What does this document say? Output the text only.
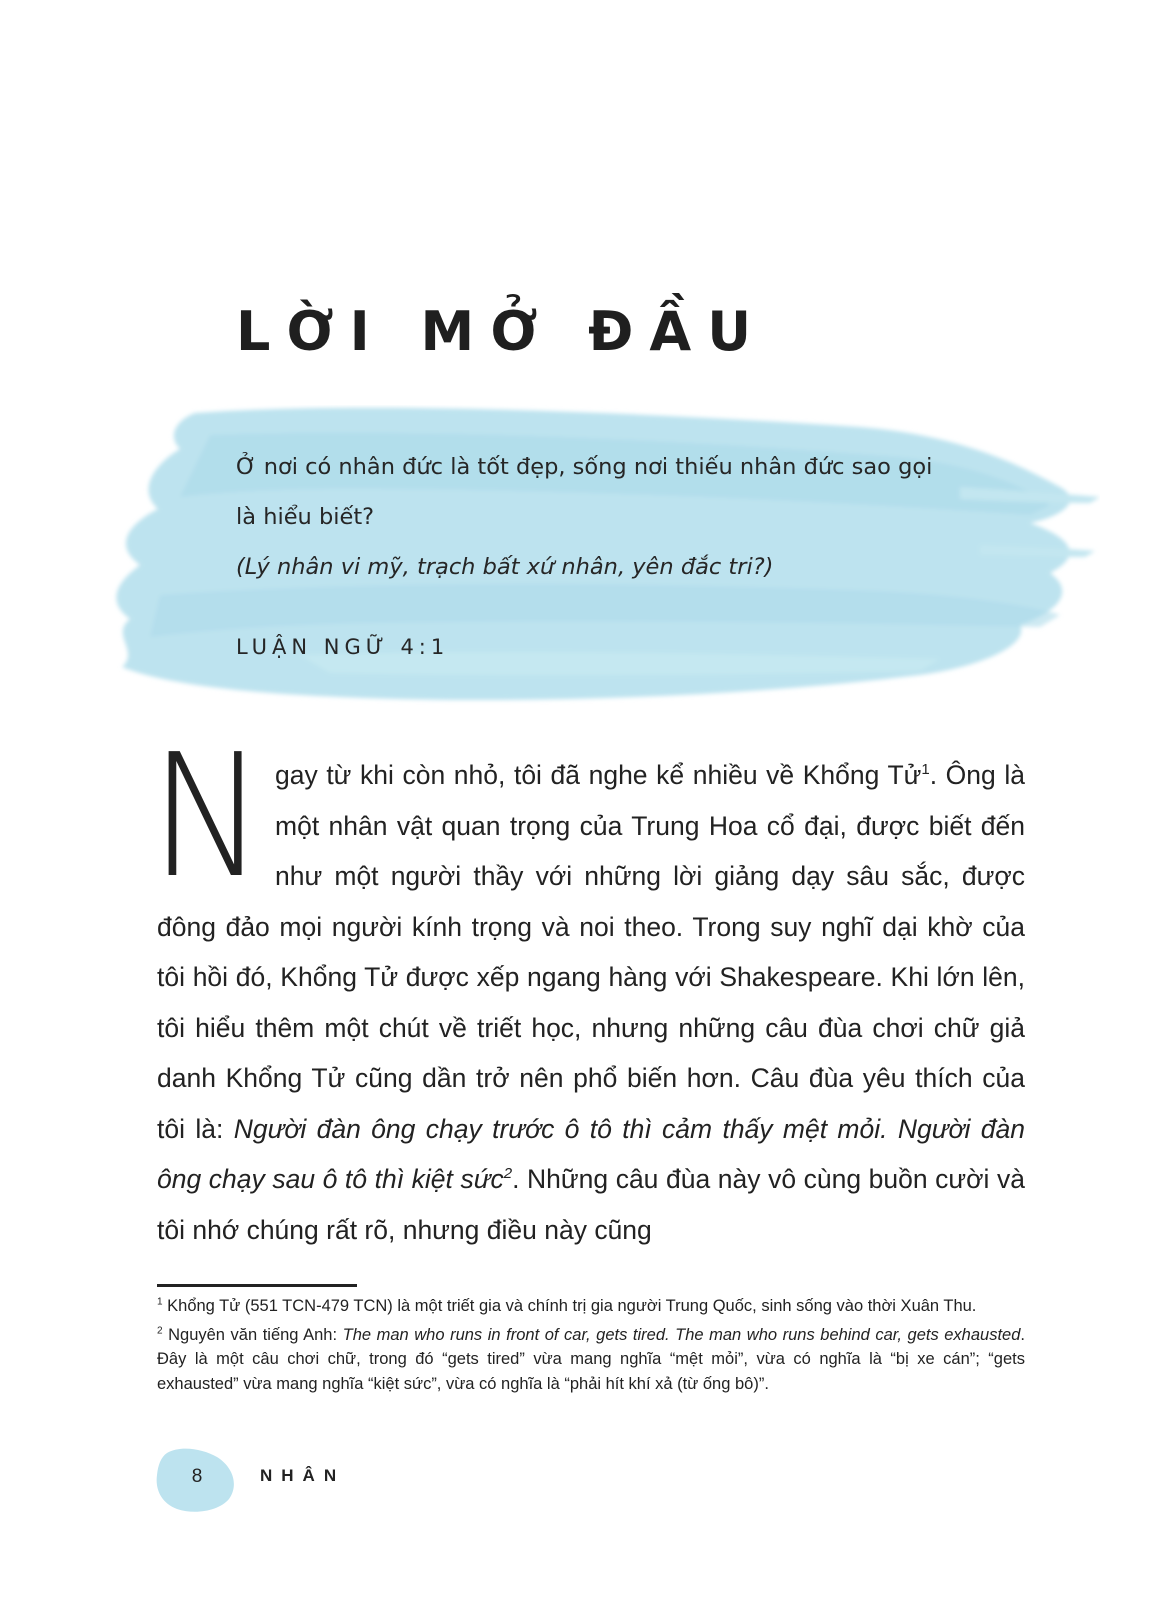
LỜI MỞ ĐẦU
Ở nơi có nhân đức là tốt đẹp, sống nơi thiếu nhân đức sao gọi
là hiểu biết?
(Lý nhân vi mỹ, trạch bất xứ nhân, yên đắc tri?)
LUẬN NGỮ 4:1
N gay từ khi còn nhỏ, tôi đã nghe kể nhiều về Khổng Tử$^1$. Ông là một nhân vật quan trọng của Trung Hoa cổ đại, được biết đến như một người thầy với những lời giảng dạy sâu sắc, được đông đảo mọi người kính trọng và noi theo. Trong suy nghĩ dại khờ của tôi hồi đó, Khổng Tử được xếp ngang hàng với Shakespeare. Khi lớn lên, tôi hiểu thêm một chút về triết học, nhưng những câu đùa chơi chữ giả danh Khổng Tử cũng dần trở nên phổ biến hơn. Câu đùa yêu thích của tôi là: Người đàn ông chạy trước ô tô thì cảm thấy mệt mỏi. Người đàn ông chạy sau ô tô thì kiệt sức$^2$. Những câu đùa này vô cùng buồn cười và tôi nhớ chúng rất rõ, nhưng điều này cũng

$^1$ Khổng Tử (551 TCN-479 TCN) là một triết gia và chính trị gia người Trung Quốc, sinh sống vào thời Xuân Thu.

$^2$ Nguyên văn tiếng Anh: The man who runs in front of car, gets tired. The man who runs behind car, gets exhausted. Đây là một câu chơi chữ, trong đó “gets tired” vừa mang nghĩa “mệt mỏi”, vừa có nghĩa là “bị xe cán”; “gets exhausted” vừa mang nghĩa “kiệt sức”, vừa có nghĩa là “phải hít khí xả (từ ống bô)”.

8	NHÂN
